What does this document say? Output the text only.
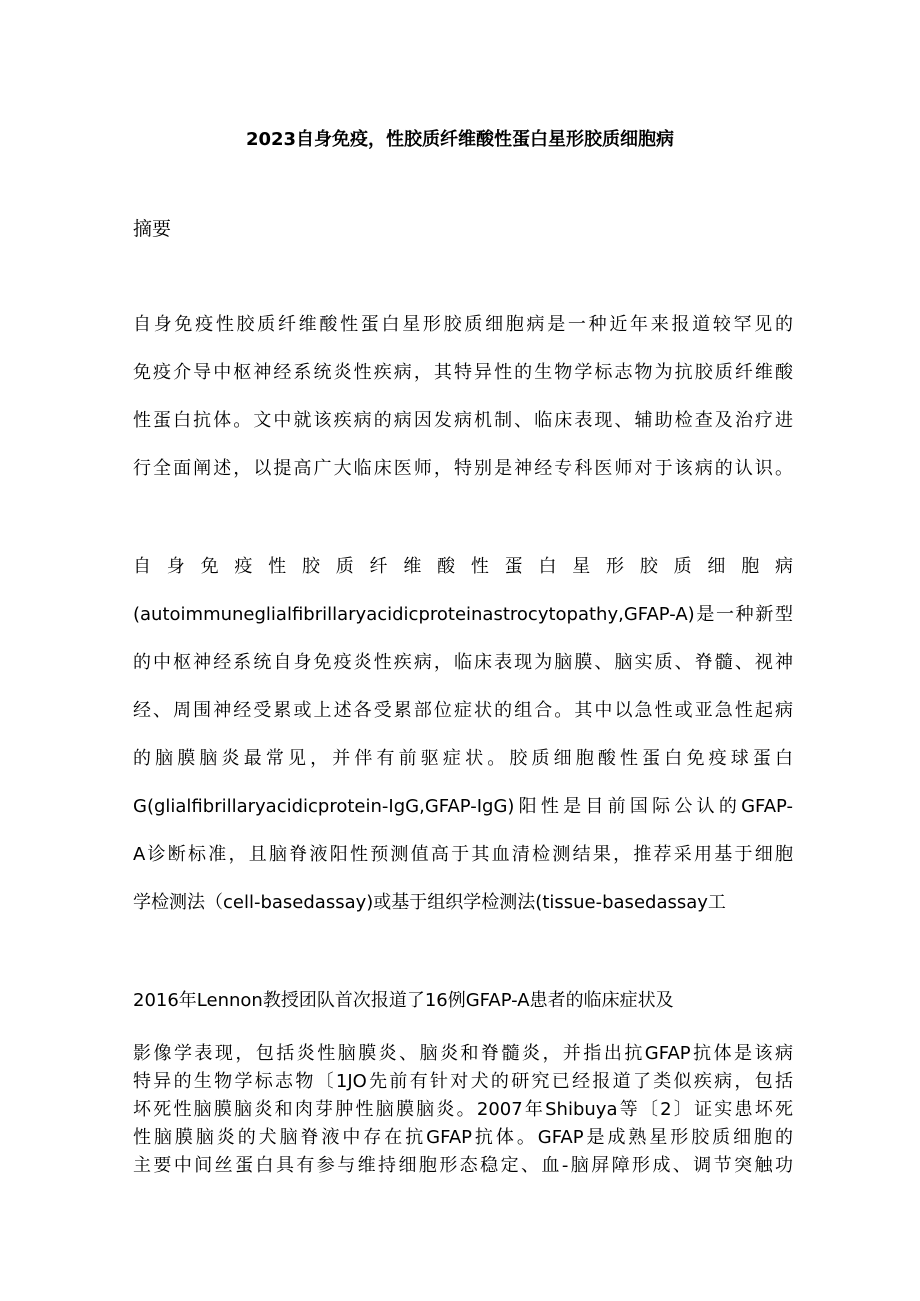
2023自身免疫，性胶质纤维酸性蛋白星形胶质细胞病
摘要
自身免疫性胶质纤维酸性蛋白星形胶质细胞病是一种近年来报道较罕见的
免疫介导中枢神经系统炎性疾病，其特异性的生物学标志物为抗胶质纤维酸
性蛋白抗体。文中就该疾病的病因发病机制、临床表现、辅助检查及治疗进
行全面阐述，以提高广大临床医师，特别是神经专科医师对于该病的认识。
自身免疫性胶质纤维酸性蛋白星形胶质细胞病
(autoimmuneglialfibrillaryacidicproteinastrocytopathy,GFAP-A)是一种新型
的中枢神经系统自身免疫炎性疾病，临床表现为脑膜、脑实质、脊髓、视神
经、周围神经受累或上述各受累部位症状的组合。其中以急性或亚急性起病
的脑膜脑炎最常见，并伴有前驱症状。胶质细胞酸性蛋白免疫球蛋白
G(glialfibrillaryacidicprotein-IgG,GFAP-IgG)阳性是目前国际公认的GFAP-
A诊断标准，且脑脊液阳性预测值高于其血清检测结果，推荐采用基于细胞
学检测法（cell-basedassay)或基于组织学检测法(tissue-basedassay工
2016年Lennon教授团队首次报道了16例GFAP-A患者的临床症状及
影像学表现，包括炎性脑膜炎、脑炎和脊髓炎，并指出抗GFAP抗体是该病
特异的生物学标志物〔1JO先前有针对犬的研究已经报道了类似疾病，包括
坏死性脑膜脑炎和肉芽肿性脑膜脑炎。2007年Shibuya等〔2〕证实患坏死
性脑膜脑炎的犬脑脊液中存在抗GFAP抗体。GFAP是成熟星形胶质细胞的
主要中间丝蛋白具有参与维持细胞形态稳定、血-脑屏障形成、调节突触功
